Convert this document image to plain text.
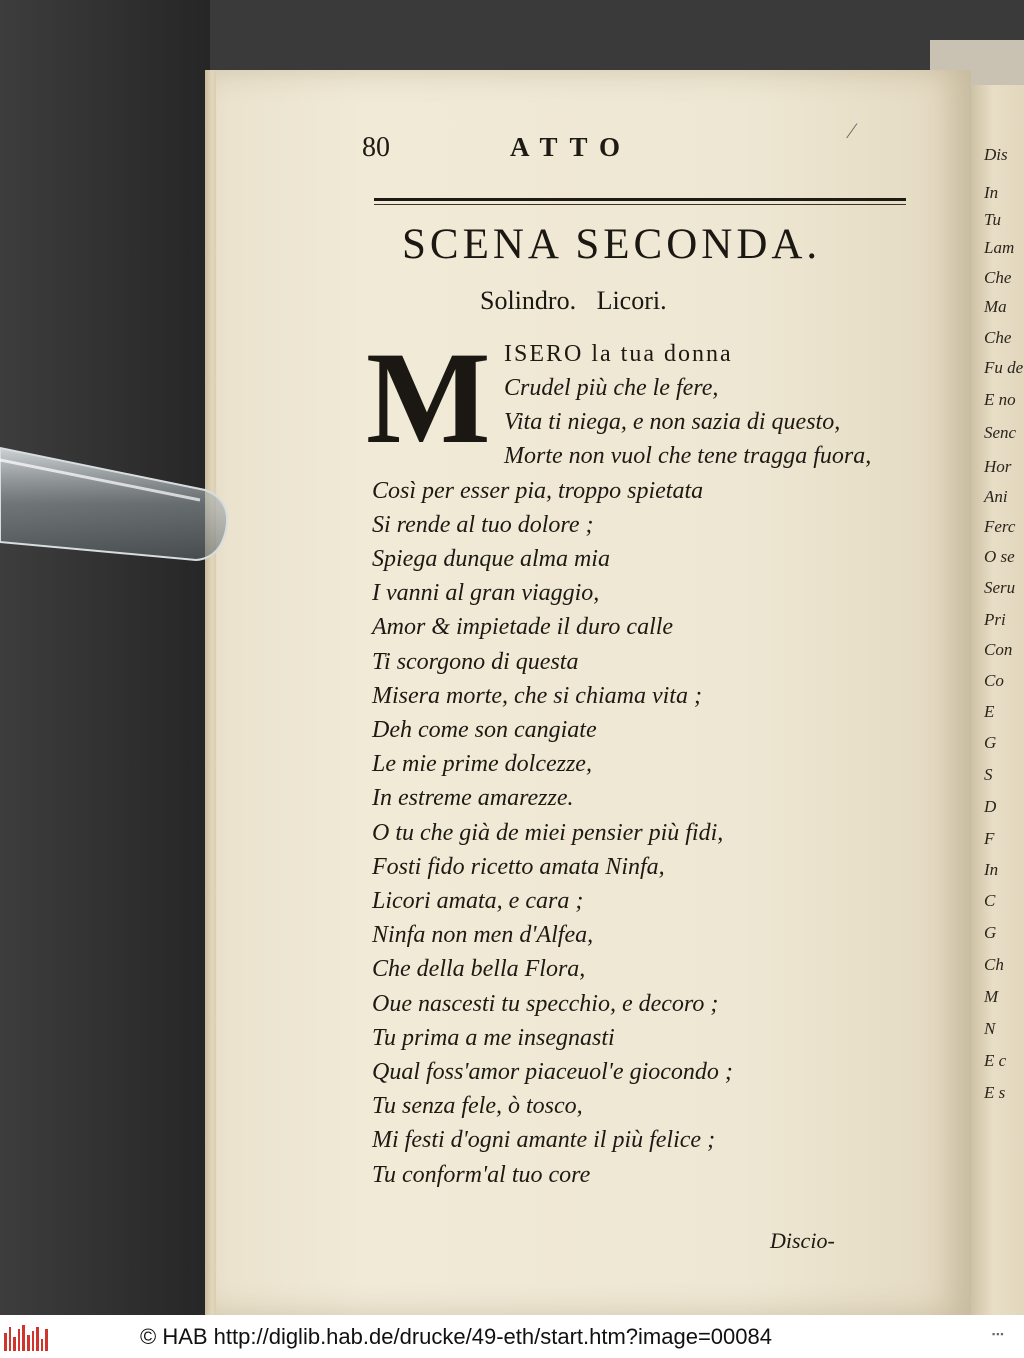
80	ATTO
⁄
SCENA SECONDA.
Solindro. Licori.
M ISERO la tua donna
Crudel più che le fere,
Vita ti niega, e non sazia di questo,
Morte non vuol che tene tragga fuora,
Così per esser pia, troppo spietata
Si rende al tuo dolore ;
Spiega dunque alma mia
I vanni al gran viaggio,
Amor & impietade il duro calle
Ti scorgono di questa
Misera morte, che si chiama vita ;
Deh come son cangiate
Le mie prime dolcezze,
In estreme amarezze.
O tu che già de miei pensier più fidi,
Fosti fido ricetto amata Ninfa,
Licori amata, e cara ;
Ninfa non men d'Alfea,
Che della bella Flora,
Oue nascesti tu specchio, e decoro ;
Tu prima a me insegnasti
Qual foss'amor piaceuol'e giocondo ;
Tu senza fele, ò tosco,
Mi festi d'ogni amante il più felice ;
Tu conform'al tuo core
Discio-
Dis
In
Tu
Lam
Che
Ma
Che
Fu de
E no
Senc
Hor
Ani
Ferc
O se
Seru
Pri
Con
Co
E
G
S
D
F
In
C
G
Ch
M
N
E c
E s
© HAB http://diglib.hab.de/drucke/49-eth/start.htm?image=00084	▪▪▪
